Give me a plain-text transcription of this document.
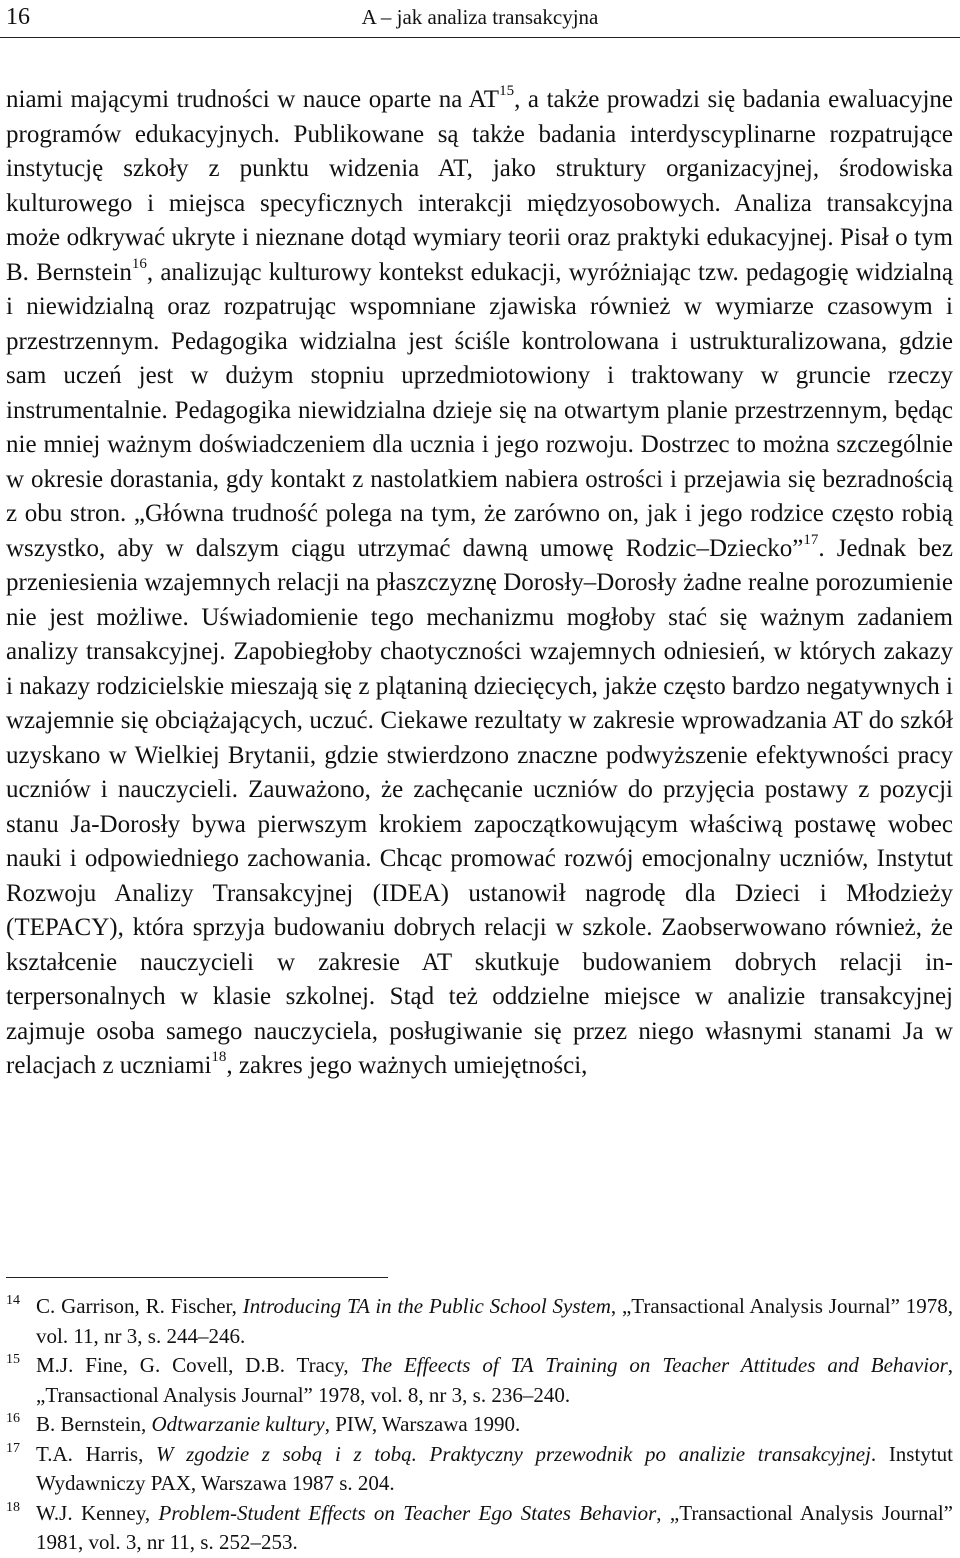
16	A – jak analiza transakcyjna

niami mającymi trudności w nauce oparte na AT$^{15}$, a także prowadzi się badania ewaluacyjne programów edukacyjnych. Publikowane są także badania interdyscyplinarne rozpatrujące instytucję szkoły z punktu widzenia AT, jako struktury organizacyjnej, środowiska kulturowego i miejsca specyficznych interakcji międzyosobowych. Analiza transakcyjna może odkrywać ukryte i nieznane dotąd wymiary teorii oraz praktyki edukacyjnej. Pisał o tym B. Bernstein$^{16}$, analizując kulturowy kontekst edukacji, wyróżniając tzw. pedagogię widzialną i niewidzialną oraz rozpatrując wspomniane zjawiska również w wymiarze czasowym i przestrzennym. Pedagogika widzialna jest ściśle kontrolowana i ustrukturalizowana, gdzie sam uczeń jest w dużym stopniu uprzedmiotowiony i traktowany w gruncie rzeczy instrumentalnie. Pedagogika niewidzialna dzieje się na otwartym planie przestrzennym, będąc nie mniej ważnym doświadczeniem dla ucznia i jego rozwoju. Dostrzec to można szczególnie w okresie dorastania, gdy kontakt z nastolatkiem nabiera ostrości i przejawia się bezradnością z obu stron. „Główna trudność polega na tym, że zarówno on, jak i jego rodzice często robią wszystko, aby w dalszym ciągu utrzymać dawną umowę Rodzic–Dziecko”$^{17}$. Jednak bez przeniesienia wzajemnych relacji na płaszczyznę Dorosły–Dorosły żadne realne porozumienie nie jest możliwe. Uświadomienie tego mechanizmu mogłoby stać się ważnym zadaniem analizy transakcyjnej. Zapobiegłoby chaotyczności wzajemnych odniesień, w których zakazy i nakazy rodzicielskie mieszają się z plątaniną dziecięcych, jakże często bardzo negatywnych i wzajemnie się obciążających, uczuć. Ciekawe rezultaty w zakresie wprowadzania AT do szkół uzyskano w Wielkiej Brytanii, gdzie stwierdzono znaczne podwyższenie efektywności pracy uczniów i nauczycieli. Zauważono, że zachęcanie uczniów do przyjęcia postawy z pozycji stanu Ja-Dorosły bywa pierwszym krokiem zapoczątkowującym właściwą postawę wobec nauki i odpowiedniego zachowania. Chcąc promować rozwój emocjonalny uczniów, Instytut Rozwoju Analizy Transakcyjnej (IDEA) ustanowił nagrodę dla Dzieci i Młodzieży (TEPACY), która sprzyja budowaniu dobrych relacji w szkole. Zaobserwowano również, że kształcenie nauczycieli w zakresie AT skutkuje budowaniem dobrych relacji interpersonalnych w klasie szkolnej. Stąd też oddzielne miejsce w analizie transakcyjnej zajmuje osoba samego nauczyciela, posługiwanie się przez niego własnymi stanami Ja w relacjach z uczniami$^{18}$, zakres jego ważnych umiejętności,

14 C. Garrison, R. Fischer, Introducing TA in the Public School System, „Transactional Analysis Journal” 1978, vol. 11, nr 3, s. 244–246.

15 M.J. Fine, G. Covell, D.B. Tracy, The Effeects of TA Training on Teacher Attitudes and Behavior, „Transactional Analysis Journal” 1978, vol. 8, nr 3, s. 236–240.

16 B. Bernstein, Odtwarzanie kultury, PIW, Warszawa 1990.

17 T.A. Harris, W zgodzie z sobą i z tobą. Praktyczny przewodnik po analizie transakcyjnej. Instytut Wydawniczy PAX, Warszawa 1987 s. 204.

18 W.J. Kenney, Problem-Student Effects on Teacher Ego States Behavior, „Transactional Analysis Journal” 1981, vol. 3, nr 11, s. 252–253.
